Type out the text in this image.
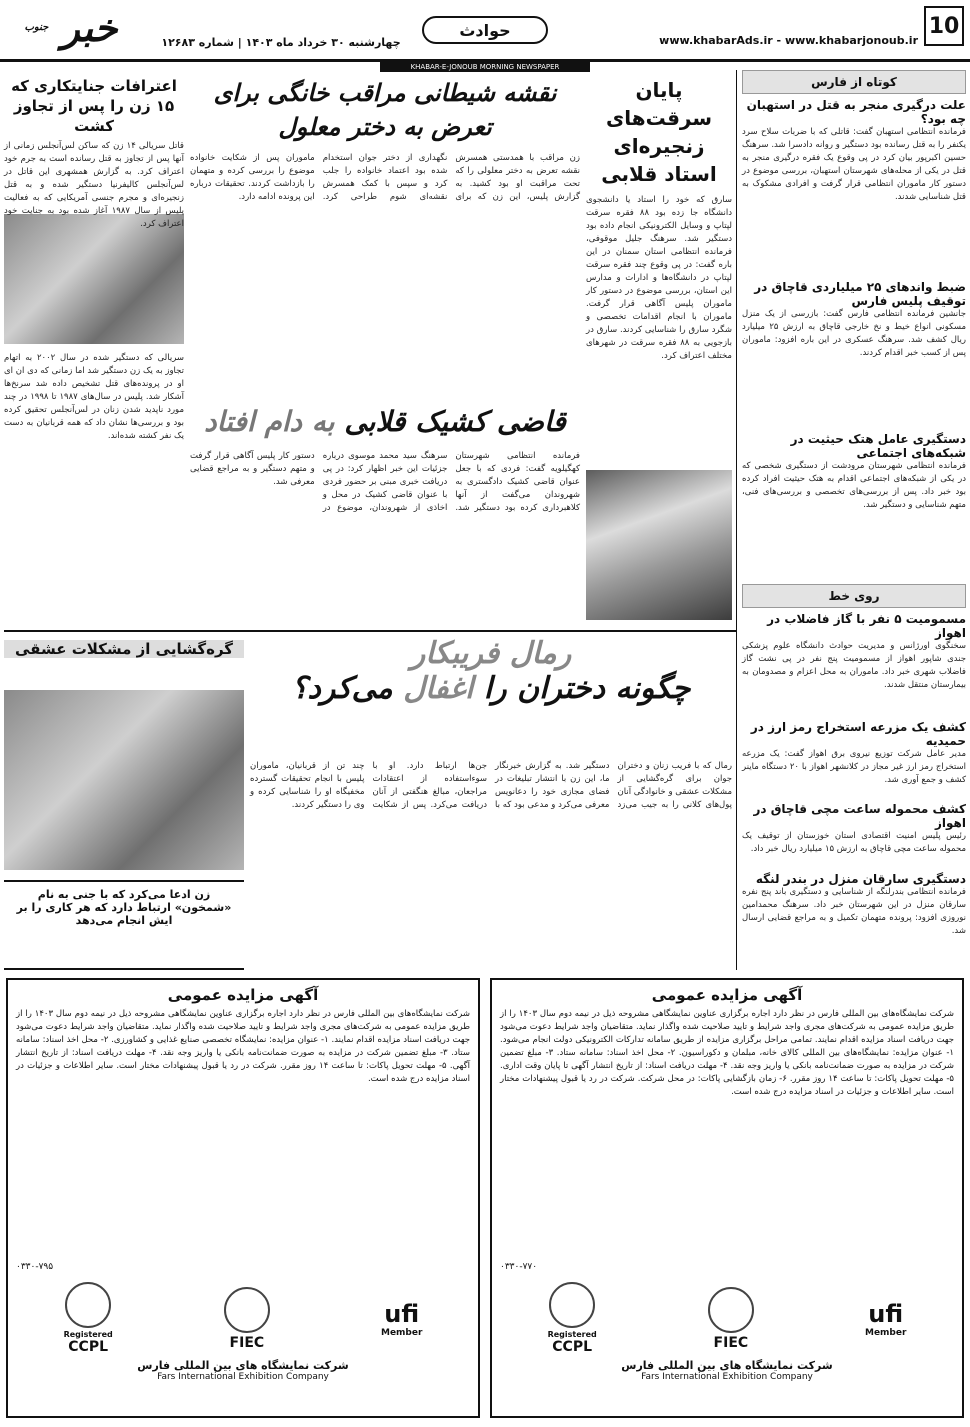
10
www.khabarAds.ir - www.khabarjonoub.ir
حوادث
چهارشنبه ۳۰ خرداد ماه ۱۴۰۳ | شماره ۱۲۶۸۳
خبر $^{جنوب}$
KHABAR-E-JONOUB MORNING NEWSPAPER
کوتاه از فارس
علت درگیری منجر به قتل در استهبان چه بود؟
فرمانده انتظامی استهبان گفت: قاتلی که با ضربات سلاح سرد یکنفر را به قتل رسانده بود دستگیر و روانه دادسرا شد. سرهنگ حسین اکبرپور بیان کرد در پی وقوع یک فقره درگیری منجر به قتل در یکی از محله‌های شهرستان استهبان، بررسی موضوع در دستور کار ماموران انتظامی قرار گرفت و افرادی مشکوک به قتل شناسایی شدند.
ضبط واندهای ۲۵ میلیاردی قاچاق در توقیف پلیس فارس
جانشین فرمانده انتظامی فارس گفت: بازرسی از یک منزل مسکونی انواع خیط و نخ خارجی قاچاق به ارزش ۲۵ میلیارد ریال کشف شد. سرهنگ عسکری در این باره افزود: ماموران پس از کسب خبر اقدام کردند.
دستگیری عامل هتک حیثیت در شبکه‌های اجتماعی
فرمانده انتظامی شهرستان مرودشت از دستگیری شخصی که در یکی از شبکه‌های اجتماعی اقدام به هتک حیثیت افراد کرده بود خبر داد. پس از بررسی‌های تخصصی و بررسی‌های فنی، متهم شناسایی و دستگیر شد.
روی خط
مسمومیت ۵ نفر با گاز فاضلاب در اهواز
سخنگوی اورژانس و مدیریت حوادث دانشگاه علوم پزشکی جندی شاپور اهواز از مسمومیت پنج نفر در پی نشت گاز فاضلاب شهری خبر داد. ماموران به محل اعزام و مصدومان به بیمارستان منتقل شدند.
کشف یک مزرعه استخراج رمز ارز در حمیدیه
مدیر عامل شرکت توزیع نیروی برق اهواز گفت: یک مزرعه استخراج رمز ارز غیر مجاز در کلانشهر اهواز با ۲۰ دستگاه ماینر کشف و جمع آوری شد.
کشف محموله ساعت مچی قاچاق در اهواز
رئیس پلیس امنیت اقتصادی استان خوزستان از توقیف یک محموله ساعت مچی قاچاق به ارزش ۱۵ میلیارد ریال خبر داد.
دستگیری سارقان منزل در بندر لنگه
فرمانده انتظامی بندرلنگه از شناسایی و دستگیری باند پنج نفره سارقان منزل در این شهرستان خبر داد. سرهنگ محمدامین نوروزی افزود: پرونده متهمان تکمیل و به مراجع قضایی ارسال شد.
پایان سرقت‌های زنجیره‌ای استاد قلابی
سارق که خود را استاد یا دانشجوی دانشگاه جا زده بود ۸۸ فقره سرقت لپتاپ و وسایل الکترونیکی انجام داده بود دستگیر شد. سرهنگ جلیل موقوفی، فرمانده انتظامی استان سمنان در این باره گفت: در پی وقوع چند فقره سرقت لپتاپ در دانشگاه‌ها و ادارات و مدارس این استان، بررسی موضوع در دستور کار ماموران پلیس آگاهی قرار گرفت. ماموران با انجام اقدامات تخصصی و شگرد سارق را شناسایی کردند. سارق در بازجویی به ۸۸ فقره سرقت در شهرهای مختلف اعتراف کرد.
نقشه شیطانی مراقب خانگی برای تعرض به دختر معلول
زن مراقب با همدستی همسرش نقشه تعرض به دختر معلولی را که تحت مراقبت او بود کشید. به گزارش پلیس، این زن که برای نگهداری از دختر جوان استخدام شده بود اعتماد خانواده را جلب کرد و سپس با کمک همسرش نقشه‌ای شوم طراحی کرد. ماموران پس از شکایت خانواده موضوع را بررسی کرده و متهمان را بازداشت کردند. تحقیقات درباره این پرونده ادامه دارد.
اعترافات جنایتکاری که ۱۵ زن را پس از تجاوز کشت
قاتل سریالی ۱۴ زن که ساکن لس‌آنجلس زمانی از آنها پس از تجاوز به قتل رسانده است به جرم خود اعتراف کرد. به گزارش همشهری این قاتل در لس‌آنجلس کالیفرنیا دستگیر شده و به قتل زنجیره‌ای و مجرم جنسی آمریکایی که به فعالیت پلیس از سال ۱۹۸۷ آغاز شده بود به جنایت خود اعتراف کرد.
سریالی که دستگیر شده در سال ۲۰۰۲ به اتهام تجاوز به یک زن دستگیر شد اما زمانی که دی ان ای او در پرونده‌های قتل تشخیص داده شد سرنخ‌ها آشکار شد. پلیس در سال‌های ۱۹۸۷ تا ۱۹۹۸ در چند مورد ناپدید شدن زنان در لس‌آنجلس تحقیق کرده بود و بررسی‌ها نشان داد که همه قربانیان به دست یک نفر کشته شده‌اند.	قاضی کشیک قلابی به دام افتاد
فرمانده انتظامی شهرستان کهگیلویه گفت: فردی که با جعل عنوان قاضی کشیک دادگستری به شهروندان می‌گفت از آنها کلاهبرداری کرده بود دستگیر شد. سرهنگ سید محمد موسوی درباره جزئیات این خبر اظهار کرد: در پی دریافت خبری مبنی بر حضور فردی با عنوان قاضی کشیک در محل و اخاذی از شهروندان، موضوع در دستور کار پلیس آگاهی قرار گرفت و متهم دستگیر و به مراجع قضایی معرفی شد.
رمال فریبکار
چگونه دختران را اغفال می‌کرد؟
گره‌گشایی از مشکلات عشقی
رمال که با فریب زنان و دختران جوان برای گره‌گشایی از مشکلات عشقی و خانوادگی آنان پول‌های کلانی را به جیب می‌زد دستگیر شد. به گزارش خبرنگار ما، این زن با انتشار تبلیغات در فضای مجازی خود را دعانویس معرفی می‌کرد و مدعی بود که با جن‌ها ارتباط دارد. او با سوءاستفاده از اعتقادات مراجعان، مبالغ هنگفتی از آنان دریافت می‌کرد. پس از شکایت چند تن از قربانیان، ماموران پلیس با انجام تحقیقات گسترده مخفیگاه او را شناسایی کرده و وی را دستگیر کردند.
زن ادعا می‌کرد که با جنی به نام «شمخون» ارتباط دارد که هر کاری را بر ایش انجام می‌دهد
آگهی مزایده عمومی
شرکت نمایشگاه‌های بین المللی فارس در نظر دارد اجاره برگزاری عناوین نمایشگاهی مشروحه ذیل در نیمه دوم سال ۱۴۰۳ را از طریق مزایده عمومی به شرکت‌های مجری واجد شرایط و تایید صلاحیت شده واگذار نماید. متقاضیان واجد شرایط دعوت می‌شود جهت دریافت اسناد مزایده اقدام نمایند. تمامی مراحل برگزاری مزایده از طریق سامانه تدارکات الکترونیکی دولت انجام می‌شود. ۱- عنوان مزایده: نمایشگاه‌های بین المللی کالای خانه، مبلمان و دکوراسیون. ۲- محل اخذ اسناد: سامانه ستاد. ۳- مبلغ تضمین شرکت در مزایده به صورت ضمانت‌نامه بانکی یا واریز وجه نقد. ۴- مهلت دریافت اسناد: از تاریخ انتشار آگهی تا پایان وقت اداری. ۵- مهلت تحویل پاکات: تا ساعت ۱۴ روز مقرر. ۶- زمان بازگشایی پاکات: در محل شرکت. شرکت در رد یا قبول پیشنهادات مختار است. سایر اطلاعات و جزئیات در اسناد مزایده درج شده است.
۰۳۳۰-۷۷۰
Registered
CCPL	FIEC
ufi
Member
شرکت نمایشگاه های بین المللی فارس
Fars International Exhibition Company
آگهی مزایده عمومی
شرکت نمایشگاه‌های بین المللی فارس در نظر دارد اجاره برگزاری عناوین نمایشگاهی مشروحه ذیل در نیمه دوم سال ۱۴۰۳ را از طریق مزایده عمومی به شرکت‌های مجری واجد شرایط و تایید صلاحیت شده واگذار نماید. متقاضیان واجد شرایط دعوت می‌شود جهت دریافت اسناد مزایده اقدام نمایند. ۱- عنوان مزایده: نمایشگاه تخصصی صنایع غذایی و کشاورزی. ۲- محل اخذ اسناد: سامانه ستاد. ۳- مبلغ تضمین شرکت در مزایده به صورت ضمانت‌نامه بانکی یا واریز وجه نقد. ۴- مهلت دریافت اسناد: از تاریخ انتشار آگهی. ۵- مهلت تحویل پاکات: تا ساعت ۱۴ روز مقرر. شرکت در رد یا قبول پیشنهادات مختار است. سایر اطلاعات و جزئیات در اسناد مزایده درج شده است.
۰۳۳۰-۷۹۵
Registered
CCPL	FIEC
ufi
Member
شرکت نمایشگاه های بین المللی فارس
Fars International Exhibition Company
